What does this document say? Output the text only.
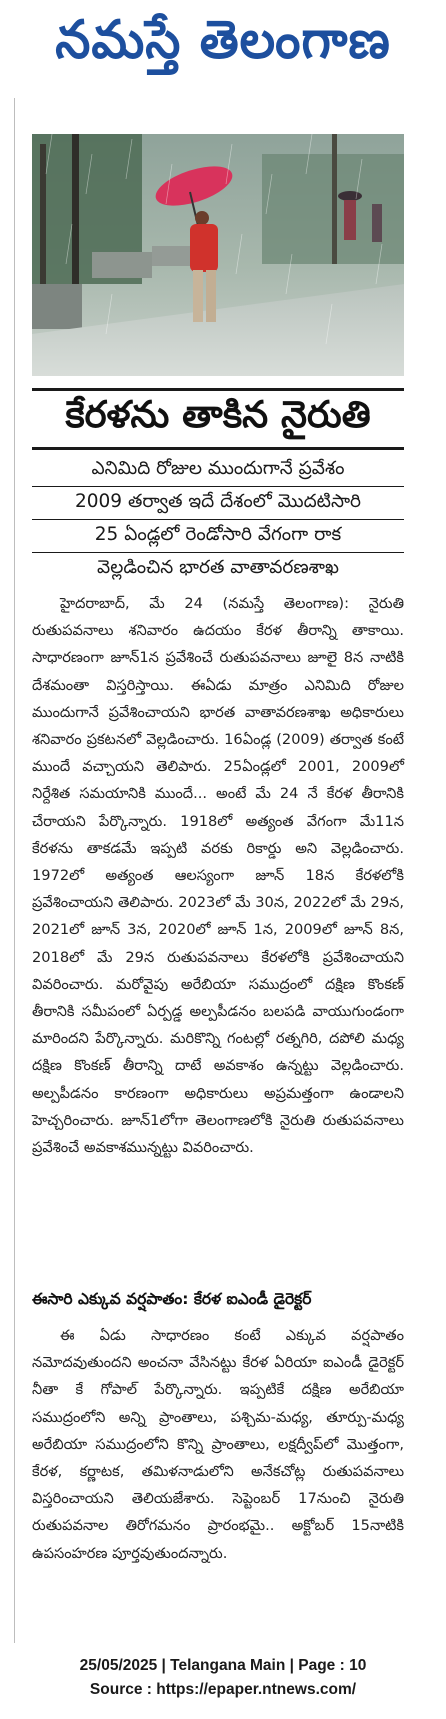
నమస్తే తెలంగాణ
కేరళను తాకిన నైరుతి
ఎనిమిది రోజుల ముందుగానే ప్రవేశం
2009 తర్వాత ఇదే దేశంలో మొదటిసారి
25 ఏండ్లలో రెండోసారి వేగంగా రాక
వెల్లడించిన భారత వాతావరణశాఖ

హైదరాబాద్, మే 24 (నమస్తే తెలంగాణ): నైరుతి రుతుపవనాలు శనివారం ఉదయం కేరళ తీరాన్ని తాకాయి. సాధారణంగా జూన్1న ప్రవేశించే రుతుపవనాలు జూలై 8న నాటికి దేశమంతా విస్తరిస్తాయి. ఈఏడు మాత్రం ఎనిమిది రోజుల ముందుగానే ప్రవేశించాయని భారత వాతావరణశాఖ అధికారులు శనివారం ప్రకటనలో వెల్లడించారు. 16ఏండ్ల (2009) తర్వాత కంటే ముందే వచ్చాయని తెలిపారు. 25ఏండ్లలో 2001, 2009లో నిర్దేశిత సమయానికి ముందే... అంటే మే 24 నే కేరళ తీరానికి చేరాయని పేర్కొన్నారు. 1918లో అత్యంత వేగంగా మే11న కేరళను తాకడమే ఇప్పటి వరకు రికార్డు అని వెల్లడించారు. 1972లో అత్యంత ఆలస్యంగా జూన్ 18న కేరళలోకి ప్రవేశించాయని తెలిపారు. 2023లో మే 30న, 2022లో మే 29న, 2021లో జూన్ 3న, 2020లో జూన్ 1న, 2009లో జూన్ 8న, 2018లో మే 29న రుతుపవనాలు కేరళలోకి ప్రవేశించాయని వివరించారు. మరోవైపు అరేబియా సముద్రంలో దక్షిణ కొంకణ్ తీరానికి సమీపంలో ఏర్పడ్డ అల్పపీడనం బలపడి వాయుగుండంగా మారిందని పేర్కొన్నారు. మరికొన్ని గంటల్లో రత్నగిరి, దపోలి మధ్య దక్షిణ కొంకణ్ తీరాన్ని దాటే అవకాశం ఉన్నట్టు వెల్లడించారు. అల్పపీడనం కారణంగా అధికారులు అప్రమత్తంగా ఉండాలని హెచ్చరించారు. జూన్1లోగా తెలంగాణలోకి నైరుతి రుతుపవనాలు ప్రవేశించే అవకాశమున్నట్టు వివరించారు.

ఈసారి ఎక్కువ వర్షపాతం: కేరళ ఐఎండీ డైరెక్టర్

ఈ ఏడు సాధారణం కంటే ఎక్కువ వర్షపాతం నమోదవుతుందని అంచనా వేసినట్టు కేరళ ఏరియా ఐఎండీ డైరెక్టర్ నీతా కే గోపాల్ పేర్కొన్నారు. ఇప్పటికే దక్షిణ అరేబియా సముద్రంలోని అన్ని ప్రాంతాలు, పశ్చిమ-మధ్య, తూర్పు-మధ్య అరేబియా సముద్రంలోని కొన్ని ప్రాంతాలు, లక్షద్వీప్‌లో మొత్తంగా, కేరళ, కర్ణాటక, తమిళనాడులోని అనేకచోట్ల రుతుపవనాలు విస్తరించాయని తెలియజేశారు. సెప్టెంబర్ 17నుంచి నైరుతి రుతుపవనాల తిరోగమనం ప్రారంభమై.. అక్టోబర్ 15నాటికి ఉపసంహరణ పూర్తవుతుందన్నారు.

25/05/2025 | Telangana Main | Page : 10
Source : https://epaper.ntnews.com/
